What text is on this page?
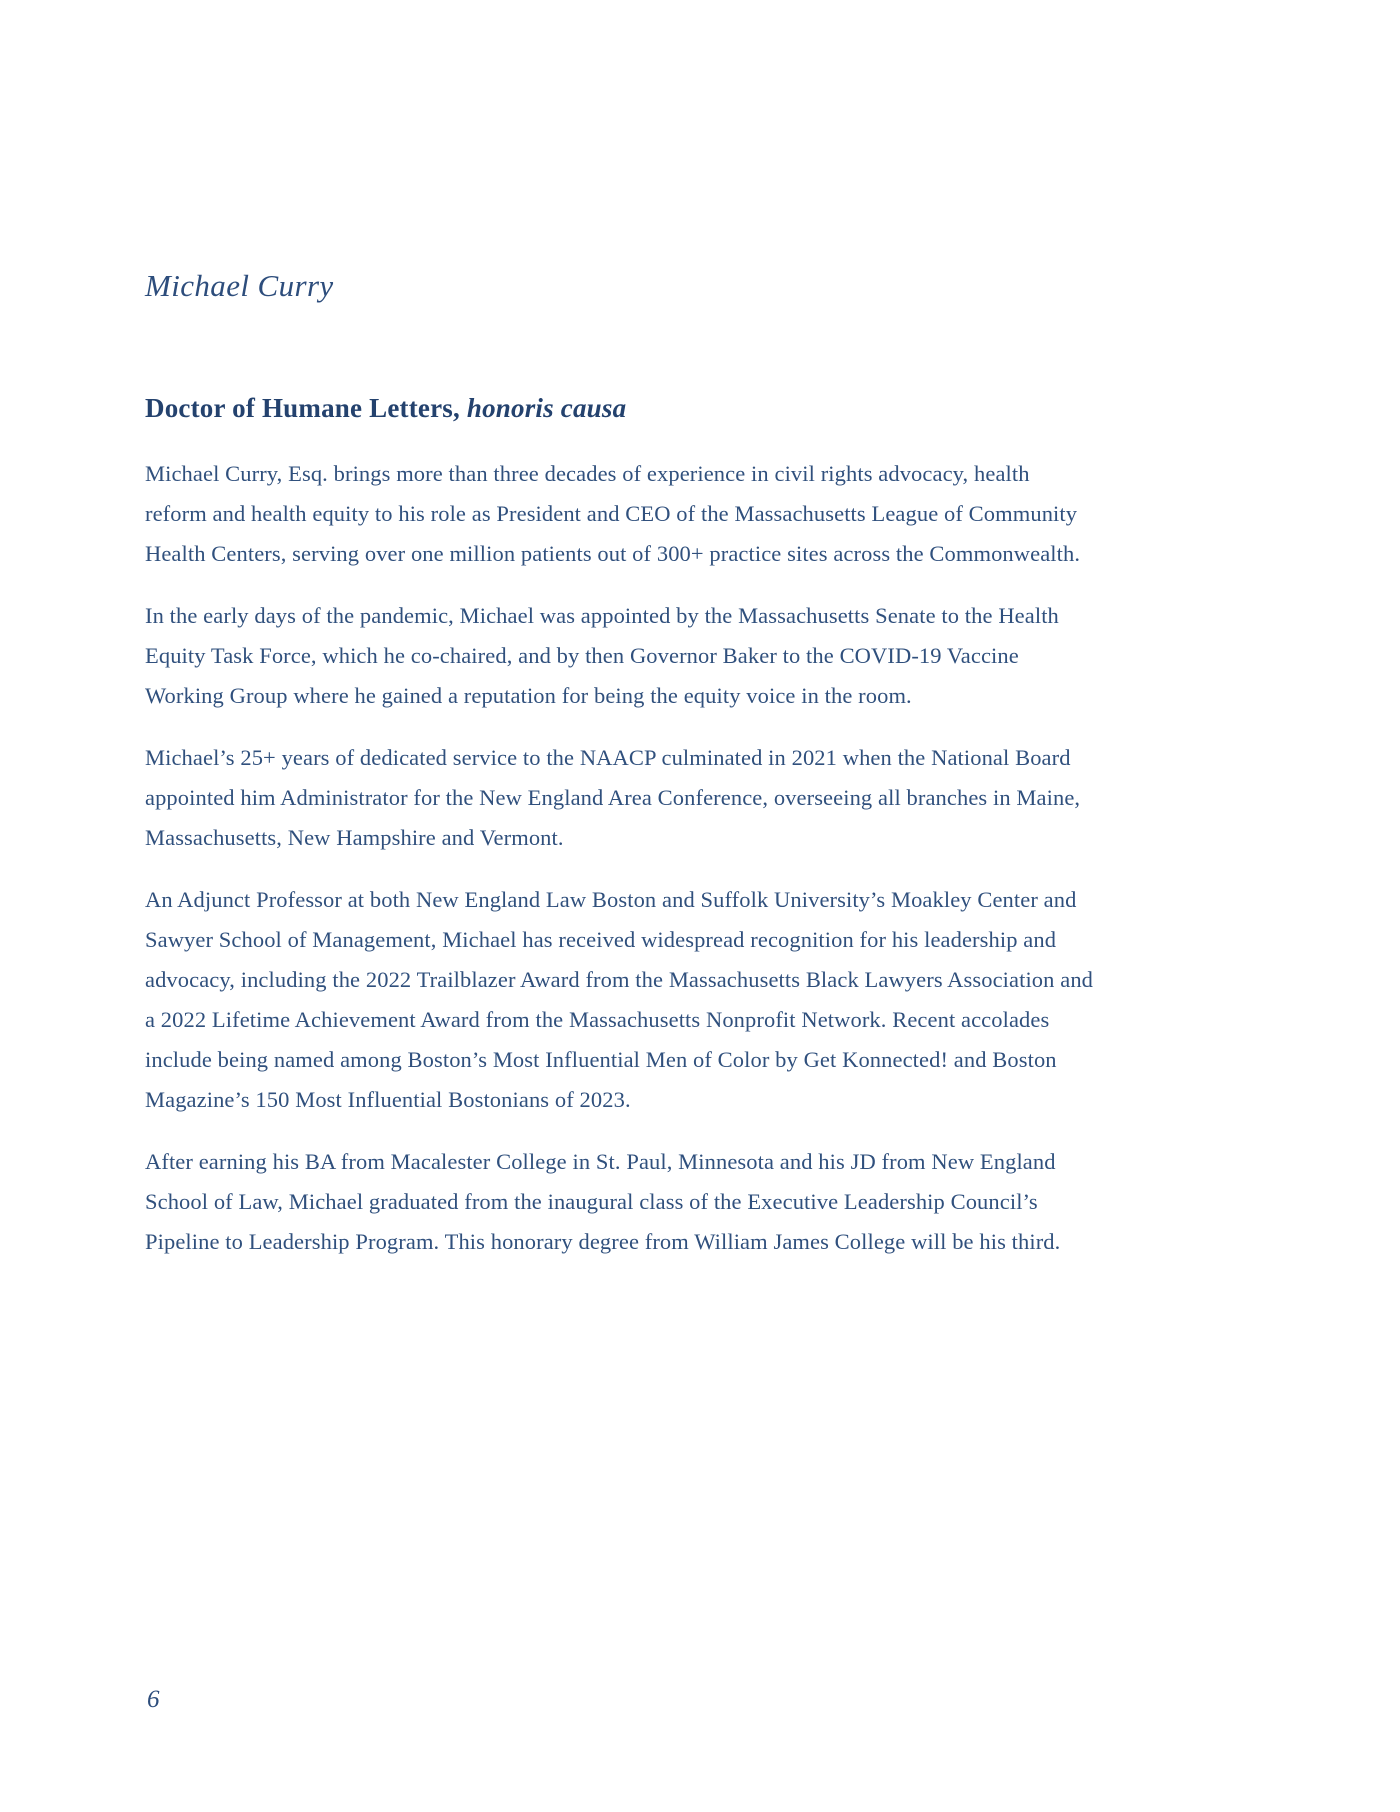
Michael Curry
Doctor of Humane Letters, honoris causa

Michael Curry, Esq. brings more than three decades of experience in civil rights advocacy, health reform and health equity to his role as President and CEO of the Massachusetts League of Community Health Centers, serving over one million patients out of 300+ practice sites across the Commonwealth.

In the early days of the pandemic, Michael was appointed by the Massachusetts Senate to the Health Equity Task Force, which he co-chaired, and by then Governor Baker to the COVID-19 Vaccine Working Group where he gained a reputation for being the equity voice in the room.

Michael’s 25+ years of dedicated service to the NAACP culminated in 2021 when the National Board appointed him Administrator for the New England Area Conference, overseeing all branches in Maine, Massachusetts, New Hampshire and Vermont.

An Adjunct Professor at both New England Law Boston and Suffolk University’s Moakley Center and Sawyer School of Management, Michael has received widespread recognition for his leadership and advocacy, including the 2022 Trailblazer Award from the Massachusetts Black Lawyers Association and a 2022 Lifetime Achievement Award from the Massachusetts Nonprofit Network. Recent accolades include being named among Boston’s Most Influential Men of Color by Get Konnected! and Boston Magazine’s 150 Most Influential Bostonians of 2023.

After earning his BA from Macalester College in St. Paul, Minnesota and his JD from New England School of Law, Michael graduated from the inaugural class of the Executive Leadership Council’s Pipeline to Leadership Program. This honorary degree from William James College will be his third.

6
